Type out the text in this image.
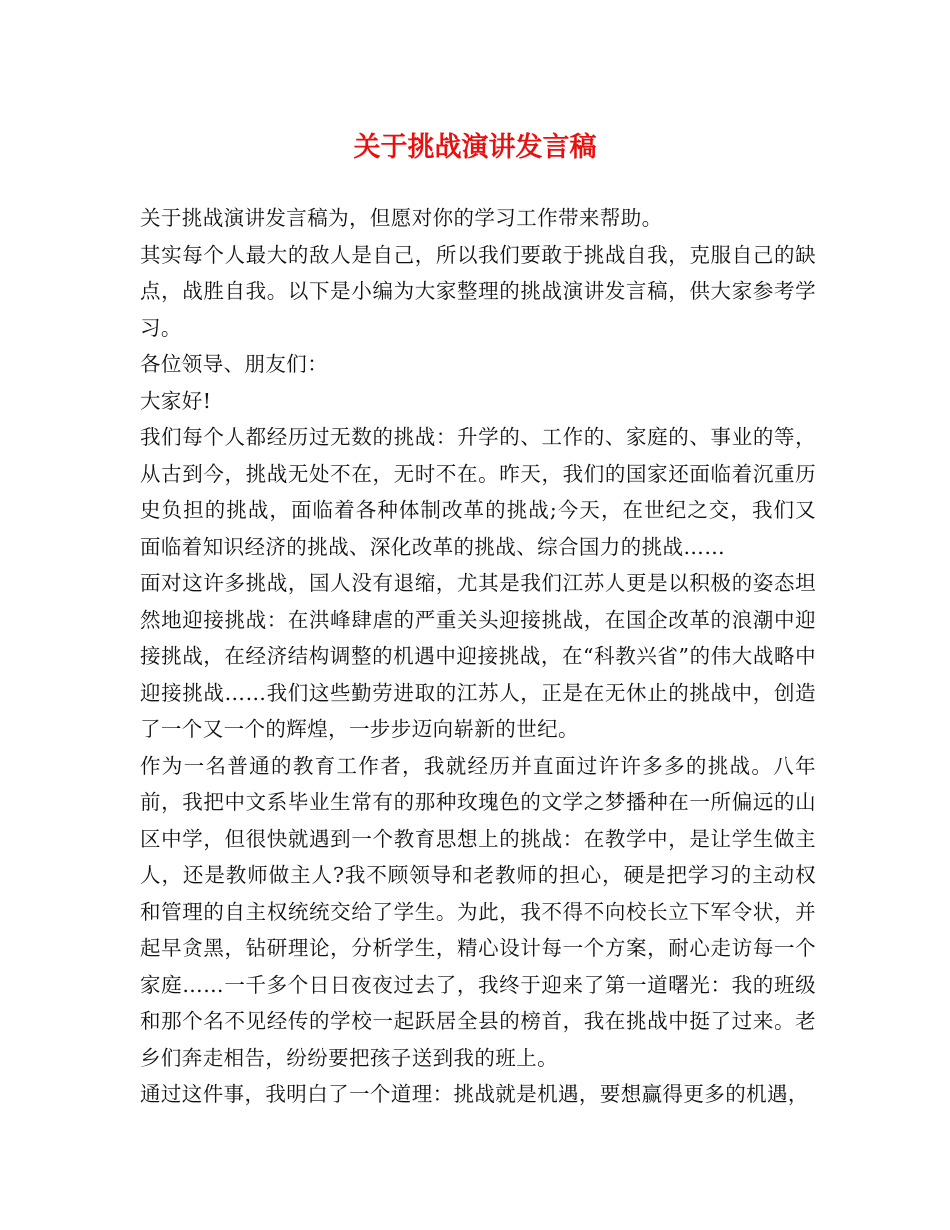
关于挑战演讲发言稿

关于挑战演讲发言稿为，但愿对你的学习工作带来帮助。

其实每个人最大的敌人是自己，所以我们要敢于挑战自我，克服自己的缺点，战胜自我。以下是小编为大家整理的挑战演讲发言稿，供大家参考学习。

各位领导、朋友们：

大家好!

我们每个人都经历过无数的挑战：升学的、工作的、家庭的、事业的等，从古到今，挑战无处不在，无时不在。昨天，我们的国家还面临着沉重历史负担的挑战，面临着各种体制改革的挑战;今天，在世纪之交，我们又面临着知识经济的挑战、深化改革的挑战、综合国力的挑战……

面对这许多挑战，国人没有退缩，尤其是我们江苏人更是以积极的姿态坦然地迎接挑战：在洪峰肆虐的严重关头迎接挑战，在国企改革的浪潮中迎接挑战，在经济结构调整的机遇中迎接挑战，在“科教兴省”的伟大战略中迎接挑战……我们这些勤劳进取的江苏人，正是在无休止的挑战中，创造了一个又一个的辉煌，一步步迈向崭新的世纪。

作为一名普通的教育工作者，我就经历并直面过许许多多的挑战。八年前，我把中文系毕业生常有的那种玫瑰色的文学之梦播种在一所偏远的山区中学，但很快就遇到一个教育思想上的挑战：在教学中，是让学生做主人，还是教师做主人?我不顾领导和老教师的担心，硬是把学习的主动权和管理的自主权统统交给了学生。为此，我不得不向校长立下军令状，并起早贪黑，钻研理论，分析学生，精心设计每一个方案，耐心走访每一个家庭……一千多个日日夜夜过去了，我终于迎来了第一道曙光：我的班级和那个名不见经传的学校一起跃居全县的榜首，我在挑战中挺了过来。老乡们奔走相告，纷纷要把孩子送到我的班上。

通过这件事，我明白了一个道理：挑战就是机遇，要想赢得更多的机遇，
